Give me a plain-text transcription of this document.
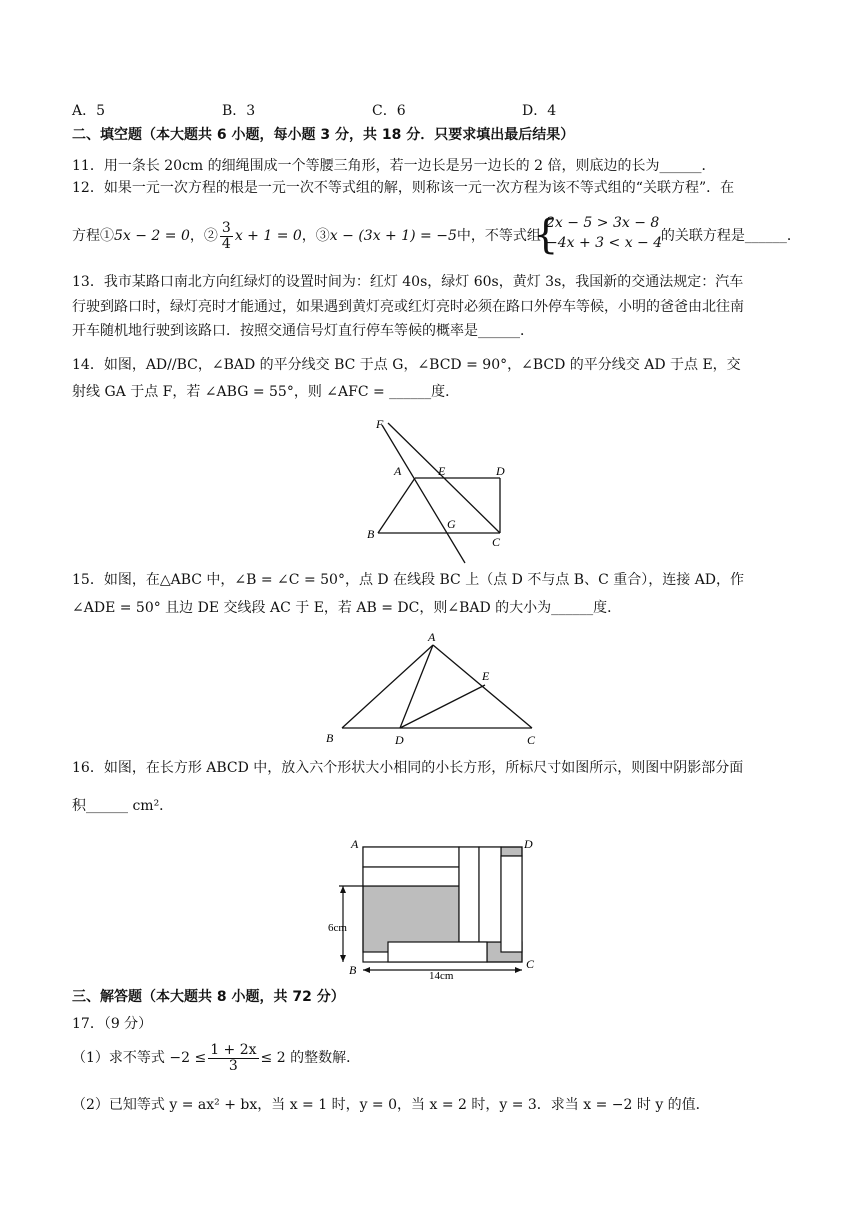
A．5	B．3	C．6	D．4
二、填空题（本大题共 6 小题，每小题 3 分，共 18 分．只要求填出最后结果）
11．用一条长 20cm 的细绳围成一个等腰三角形，若一边长是另一边长的 2 倍，则底边的长为______．
12．如果一元一次方程的根是一元一次不等式组的解，则称该一元一次方程为该不等式组的“关联方程”．在
方程①5x − 2 = 0，② $\frac{3}{4}$ x + 1 = 0，③x − (3x + 1) = −5中，不等式组	的关联方程是______．
{
2x − 5 > 3x − 8
−4x + 3 < x − 4
13．我市某路口南北方向红绿灯的设置时间为：红灯 40s，绿灯 60s，黄灯 3s，我国新的交通法规定：汽车
行驶到路口时，绿灯亮时才能通过，如果遇到黄灯亮或红灯亮时必须在路口外停车等候，小明的爸爸由北往南
开车随机地行驶到该路口．按照交通信号灯直行停车等候的概率是______．
14．如图，AD//BC，∠BAD 的平分线交 BC 于点 G，∠BCD = 90°，∠BCD 的平分线交 AD 于点 E，交
射线 GA 于点 F，若 ∠ABG = 55°，则 ∠AFC = ______度．
F
A	E	D
B
G
C
15．如图，在△ABC 中，∠B = ∠C = 50°，点 D 在线段 BC 上（点 D 不与点 B、C 重合），连接 AD，作
∠ADE = 50° 且边 DE 交线段 AC 于 E，若 AB = DC，则∠BAD 的大小为______度．
A
E
B	D	C
16．如图，在长方形 ABCD 中，放入六个形状大小相同的小长方形，所标尺寸如图所示，则图中阴影部分面
积______ cm²．
A	D
B	C
6cm
14cm
三、解答题（本大题共 8 小题，共 72 分）
17．（9 分）
（1）求不等式 $-2 \le \frac{1 + 2x}{3} \le 2$ 的整数解．
（2）已知等式 y = ax² + bx，当 x = 1 时，y = 0，当 x = 2 时，y = 3．求当 x = −2 时 y 的值．
